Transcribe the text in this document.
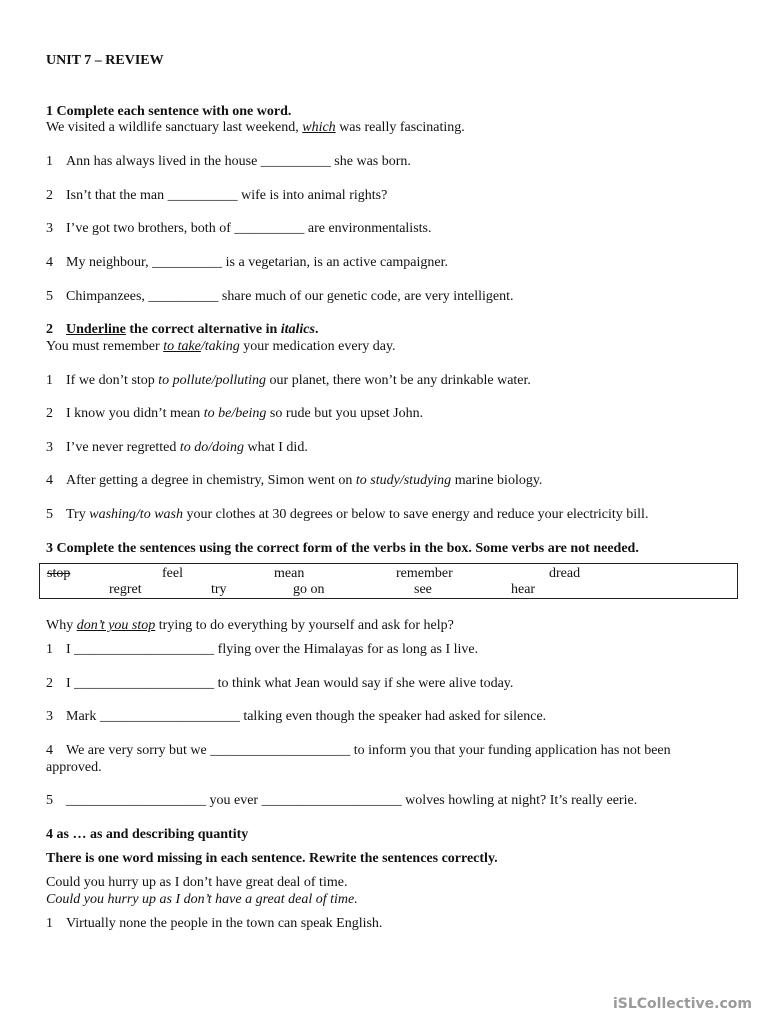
UNIT 7 – REVIEW
1 Complete each sentence with one word.
We visited a wildlife sanctuary last weekend, which was really fascinating.
1 Ann has always lived in the house __________ she was born.
2 Isn’t that the man __________ wife is into animal rights?
3 I’ve got two brothers, both of __________ are environmentalists.
4 My neighbour, __________ is a vegetarian, is an active campaigner.
5 Chimpanzees, __________ share much of our genetic code, are very intelligent.
2 Underline the correct alternative in italics.
You must remember to take/taking your medication every day.
1 If we don’t stop to pollute/polluting our planet, there won’t be any drinkable water.
2 I know you didn’t mean to be/being so rude but you upset John.
3 I’ve never regretted to do/doing what I did.
4 After getting a degree in chemistry, Simon went on to study/studying marine biology.
5 Try washing/to wash your clothes at 30 degrees or below to save energy and reduce your electricity bill.
3 Complete the sentences using the correct form of the verbs in the box. Some verbs are not needed.
stop	feel	mean	remember	dread
regret	try	go on	see	hear
Why don’t you stop trying to do everything by yourself and ask for help?
1 I ____________________ flying over the Himalayas for as long as I live.
2 I ____________________ to think what Jean would say if she were alive today.
3 Mark ____________________ talking even though the speaker had asked for silence.
4 We are very sorry but we ____________________ to inform you that your funding application has not been approved.
5 ____________________ you ever ____________________ wolves howling at night? It’s really eerie.
4 as … as and describing quantity
There is one word missing in each sentence. Rewrite the sentences correctly.
Could you hurry up as I don’t have great deal of time.
Could you hurry up as I don’t have a great deal of time.
1 Virtually none the people in the town can speak English.
iSLCollective.com
